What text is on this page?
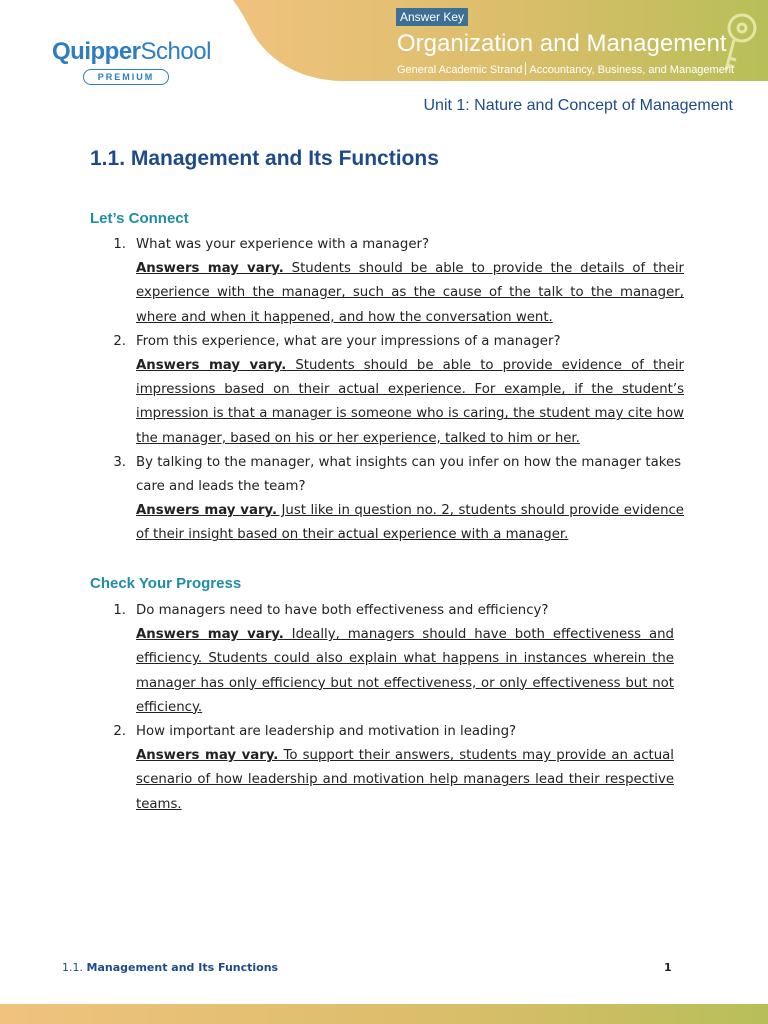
QuipperSchool
PREMIUM
Answer Key
Organization and Management
General Academic Strand Accountancy, Business, and Management
Unit 1: Nature and Concept of Management
1.1. Management and Its Functions
Let’s Connect
1. What was your experience with a manager?
Answers may vary. Students should be able to provide the details of their experience with the manager, such as the cause of the talk to the manager, where and when it happened, and how the conversation went.
2. From this experience, what are your impressions of a manager?
Answers may vary. Students should be able to provide evidence of their impressions based on their actual experience. For example, if the student’s impression is that a manager is someone who is caring, the student may cite how the manager, based on his or her experience, talked to him or her.
3. By talking to the manager, what insights can you infer on how the manager takes care and leads the team?
Answers may vary. Just like in question no. 2, students should provide evidence of their insight based on their actual experience with a manager.
Check Your Progress
1. Do managers need to have both effectiveness and efficiency?
Answers may vary. Ideally, managers should have both effectiveness and efficiency. Students could also explain what happens in instances wherein the manager has only efficiency but not effectiveness, or only effectiveness but not efficiency.
2. How important are leadership and motivation in leading?
Answers may vary. To support their answers, students may provide an actual scenario of how leadership and motivation help managers lead their respective teams.
1.1. Management and Its Functions	1
